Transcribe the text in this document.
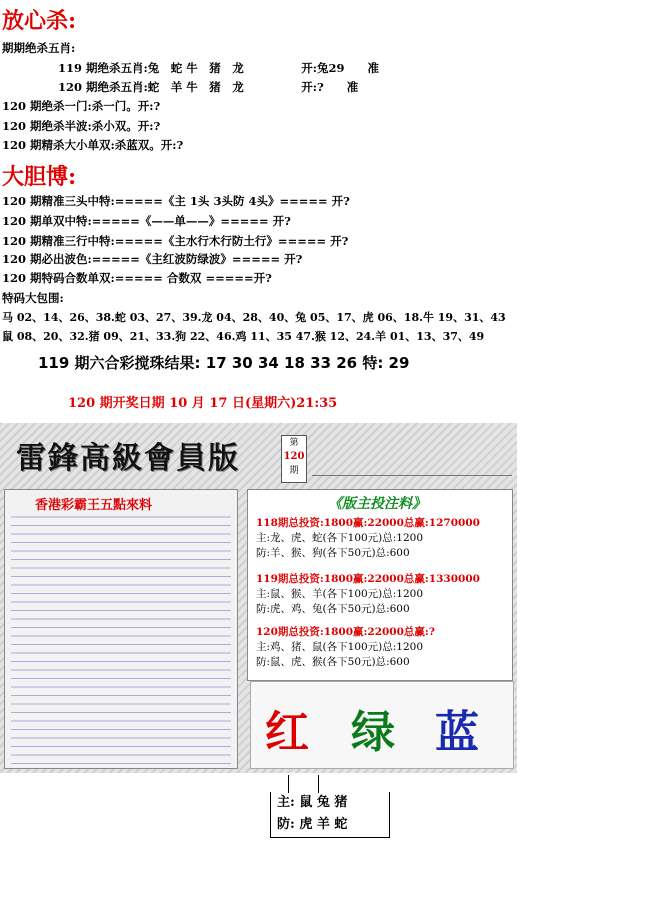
放心杀:
期期绝杀五肖:
119 期绝杀五肖:兔　蛇 牛　猪　龙　　　　　开:兔29　　准
120 期绝杀五肖:蛇　羊 牛　猪　龙　　　　　开:?　　准
120 期绝杀一门:杀一门。开:?
120 期绝杀半波:杀小双。开:?
120 期精杀大小单双:杀蓝双。开:?
大胆博:
120 期精准三头中特:=====《主 1头 3头防 4头》===== 开?
120 期单双中特:=====《——单——》===== 开?
120 期精准三行中特:=====《主水行木行防土行》===== 开?
120 期必出波色:=====《主红波防绿波》===== 开?
120 期特码合数单双:===== 合数双 =====开?
特码大包围:
马 02、14、26、38.蛇 03、27、39.龙 04、28、40、兔 05、17、虎 06、18.牛 19、31、43
鼠 08、20、32.猪 09、21、33.狗 22、46.鸡 11、35 47.猴 12、24.羊 01、13、37、49
119 期六合彩搅珠结果: 17 30 34 18 33 26 特: 29
120 期开奖日期 10 月 17 日(星期六)21:35
雷鋒高級會員版	第
120
期
香港彩霸王五點來料	《版主投注料》
118期总投资:1800赢:22000总赢:1270000
主:龙、虎、蛇(各下100元)总:1200
防:羊、猴、狗(各下50元)总:600
119期总投资:1800赢:22000总赢:1330000
主:鼠、猴、羊(各下100元)总:1200
防:虎、鸡、兔(各下50元)总:600
120期总投资:1800赢:22000总赢:?
主:鸡、猪、鼠(各下100元)总:1200
防:鼠、虎、猴(各下50元)总:600
红 绿 蓝
主: 鼠 兔 猪
防: 虎 羊 蛇
